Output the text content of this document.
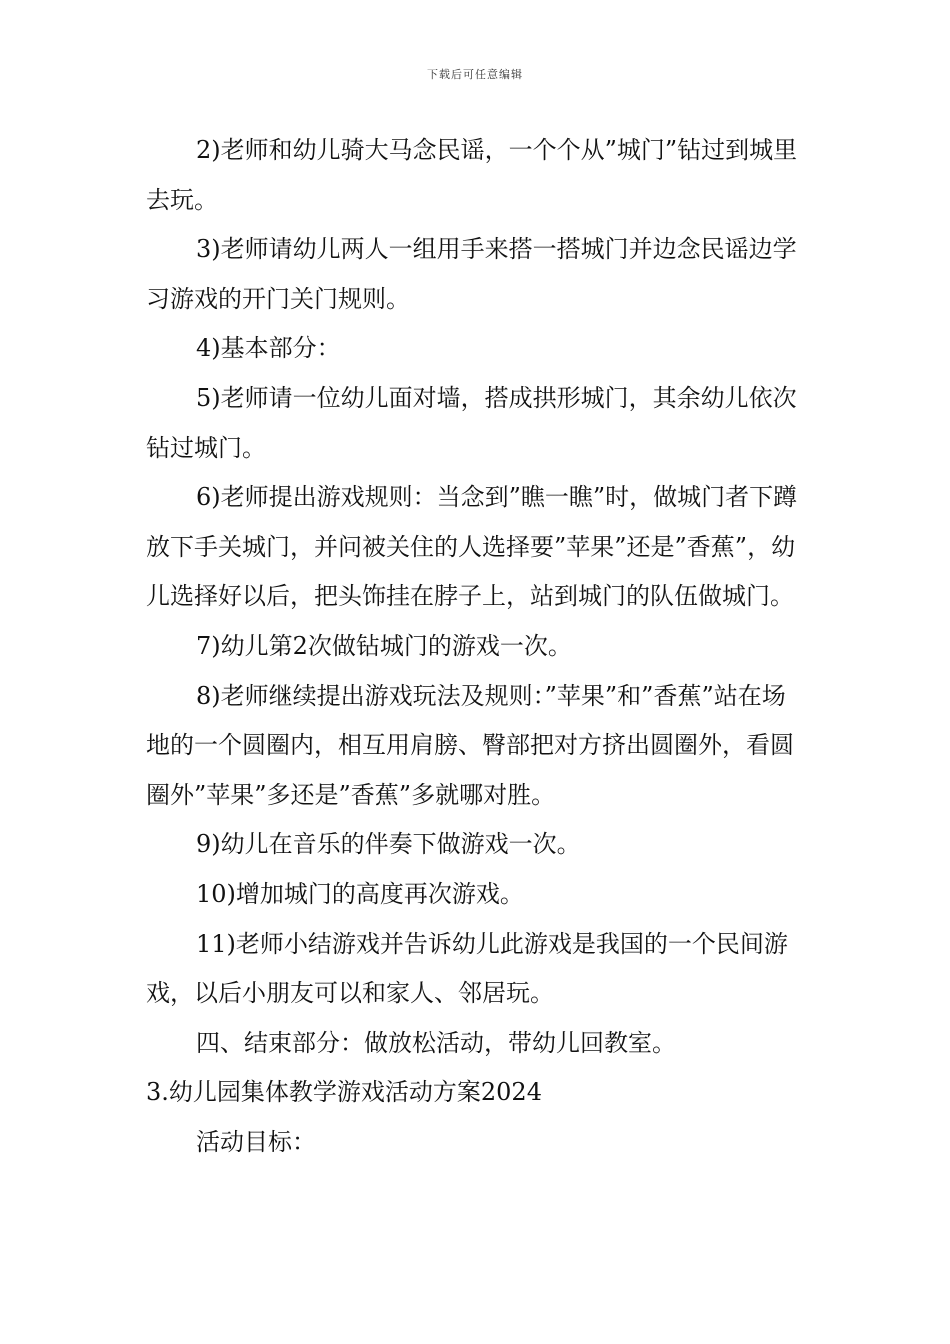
下载后可任意编辑

2)老师和幼儿骑大马念民谣，一个个从”城门”钻过到城里去玩。

3)老师请幼儿两人一组用手来搭一搭城门并边念民谣边学习游戏的开门关门规则。

4)基本部分：

5)老师请一位幼儿面对墙，搭成拱形城门，其余幼儿依次钻过城门。

6)老师提出游戏规则：当念到”瞧一瞧”时，做城门者下蹲放下手关城门，并问被关住的人选择要”苹果”还是”香蕉”，幼儿选择好以后，把头饰挂在脖子上，站到城门的队伍做城门。

7)幼儿第2次做钻城门的游戏一次。

8)老师继续提出游戏玩法及规则：”苹果”和”香蕉”站在场地的一个圆圈内，相互用肩膀、臀部把对方挤出圆圈外，看圆圈外”苹果”多还是”香蕉”多就哪对胜。

9)幼儿在音乐的伴奏下做游戏一次。

10)增加城门的高度再次游戏。

11)老师小结游戏并告诉幼儿此游戏是我国的一个民间游戏，以后小朋友可以和家人、邻居玩。

四、结束部分：做放松活动，带幼儿回教室。

3.幼儿园集体教学游戏活动方案2024

活动目标：
